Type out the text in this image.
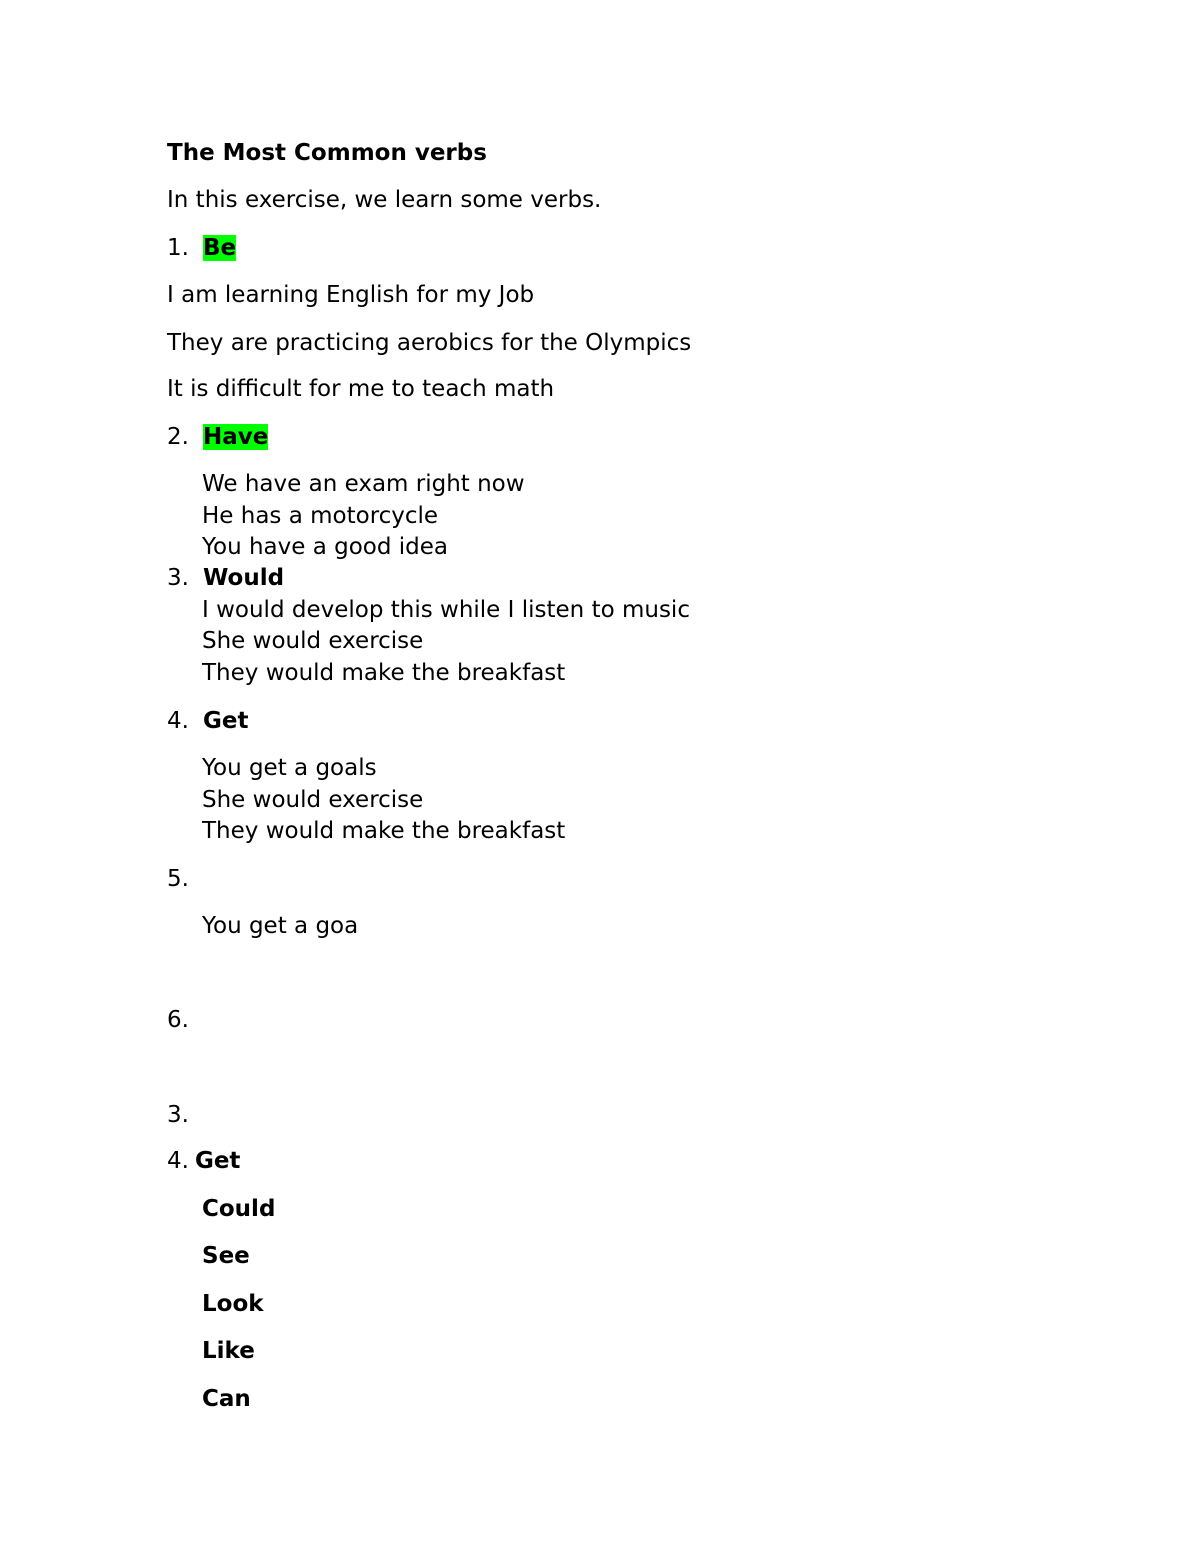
The Most Common verbs
In this exercise, we learn some verbs.
1. Be
I am learning English for my Job
They are practicing aerobics for the Olympics
It is difficult for me to teach math
2. Have
We have an exam right now
He has a motorcycle
You have a good idea
3. Would
I would develop this while I listen to music
She would exercise
They would make the breakfast
4. Get
You get a goals
She would exercise
They would make the breakfast
5.
You get a goa
6.
3.
4. Get
Could
See
Look
Like
Can
